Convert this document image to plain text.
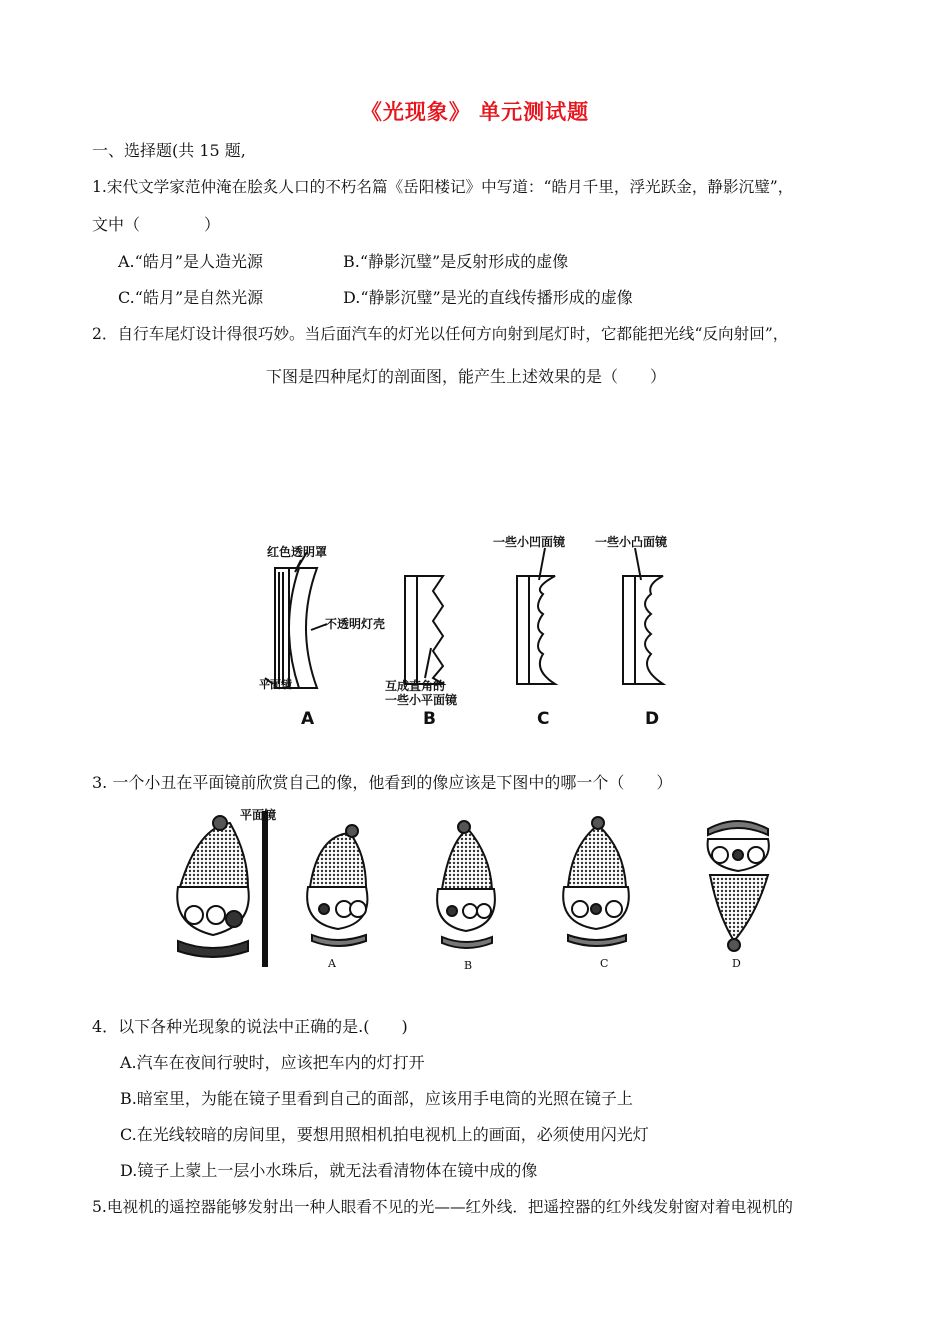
《光现象》 单元测试题
一、选择题(共 15 题,
1.宋代文学家范仲淹在脍炙人口的不朽名篇《岳阳楼记》中写道：“皓月千里，浮光跃金，静影沉璧”，
文中（　　　　）
A.“皓月”是人造光源	B.“静影沉璧”是反射形成的虚像
C.“皓月”是自然光源	D.“静影沉璧”是光的直线传播形成的虚像
2．自行车尾灯设计得很巧妙。当后面汽车的灯光以任何方向射到尾灯时，它都能把光线“反向射回”，
下图是四种尾灯的剖面图，能产生上述效果的是（　　）
红色透明罩
不透明灯壳
平面镜	互成直角的
一些小平面镜
一些小凹面镜 一些小凸面镜
A	B	C	D
3. 一个小丑在平面镜前欣赏自己的像，他看到的像应该是下图中的哪一个（　　）
平面镜
A	B	C	D
4．以下各种光现象的说法中正确的是.(　　)
A.汽车在夜间行驶时，应该把车内的灯打开
B.暗室里，为能在镜子里看到自己的面部，应该用手电筒的光照在镜子上
C.在光线较暗的房间里，要想用照相机拍电视机上的画面，必须使用闪光灯
D.镜子上蒙上一层小水珠后，就无法看清物体在镜中成的像
5.电视机的遥控器能够发射出一种人眼看不见的光——红外线．把遥控器的红外线发射窗对着电视机的
